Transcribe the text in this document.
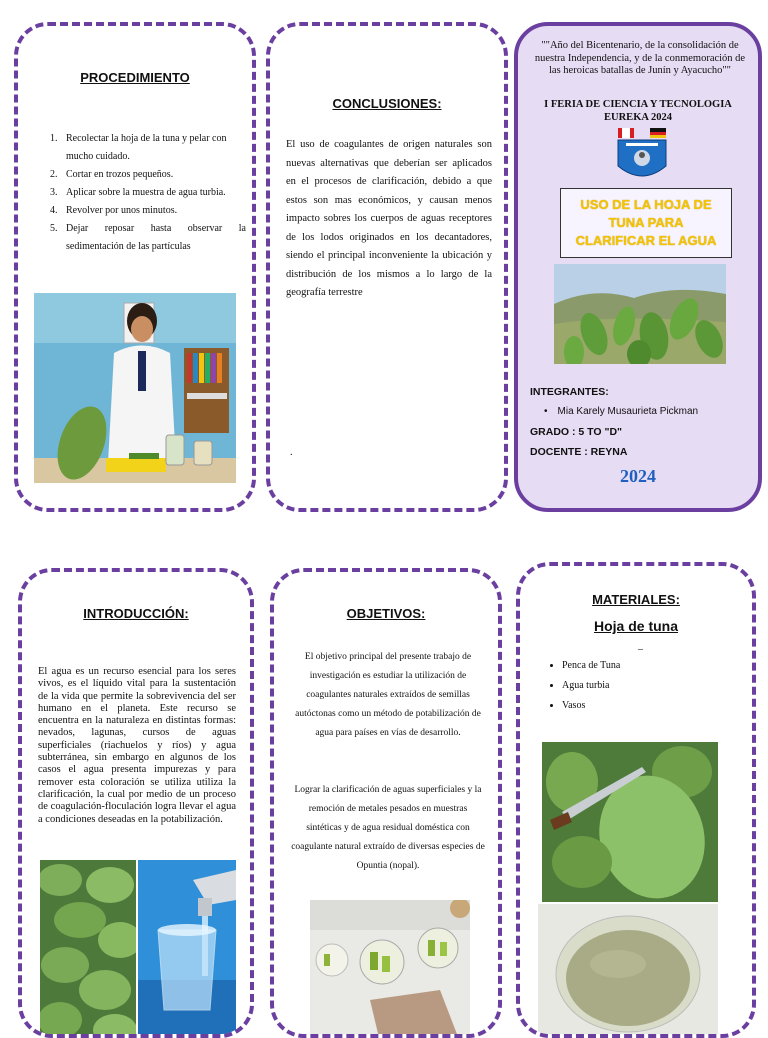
PROCEDIMIENTO
1. Recolectar la hoja de la tuna y pelar con mucho cuidado.
2. Cortar en trozos pequeños.
3. Aplicar sobre la muestra de agua turbia.
4. Revolver por unos minutos.
5. Dejar reposar hasta observar la sedimentación de las partículas
CONCLUSIONES:
El uso de coagulantes de origen naturales son nuevas alternativas que deberían ser aplicados en el procesos de clarificación, debido a que estos son mas económicos, y causan menos impacto sobres los cuerpos de aguas receptores de los lodos originados en los decantadores, siendo el principal inconveniente la ubicación y distribución de los mismos a lo largo de la geografía terrestre
.
""Año del Bicentenario, de la consolidación de nuestra Independencia, y de la conmemoración de las heroicas batallas de Junín y Ayacucho""
I FERIA DE CIENCIA Y TECNOLOGIA EUREKA 2024
USO DE LA HOJA DE TUNA PARA CLARIFICAR EL AGUA
INTEGRANTES:
• Mia Karely Musaurieta Pickman
GRADO : 5 TO "D"
DOCENTE : REYNA
2024
INTRODUCCIÓN:
El agua es un recurso esencial para los seres vivos, es el líquido vital para la sustentación de la vida que permite la sobrevivencia del ser humano en el planeta. Este recurso se encuentra en la naturaleza en distintas formas: nevados, lagunas, cursos de aguas superficiales (riachuelos y ríos) y agua subterránea, sin embargo en algunos de los casos el agua presenta impurezas y para remover esta coloración se utiliza utiliza la clarificación, la cual por medio de un proceso de coagulación-floculación logra llevar el agua a condiciones deseadas en la potabilización.
OBJETIVOS:
El objetivo principal del presente trabajo de investigación es estudiar la utilización de coagulantes naturales extraídos de semillas autóctonas como un método de potabilización de agua para países en vías de desarrollo.
Lograr la clarificación de aguas superficiales y la remoción de metales pesados en muestras sintéticas y de agua residual doméstica con coagulante natural extraído de diversas especies de Opuntia (nopal).
MATERIALES:
Hoja de tuna
_
• Penca de Tuna
• Agua turbia
• Vasos
